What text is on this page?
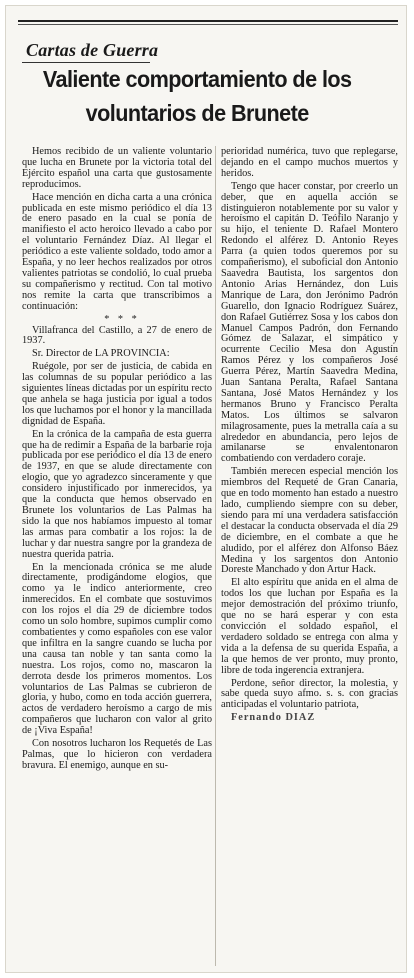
Cartas de Guerra
Valiente comportamiento de los voluntarios de Brunete

Hemos recibido de un valiente voluntario que lucha en Brunete por la victoria total del Ejército español una carta que gustosamente reproducimos.

Hace mención en dicha carta a una crónica publicada en este mismo periódico el día 13 de enero pasado en la cual se ponía de manifiesto el acto heroico llevado a cabo por el voluntario Fernández Díaz. Al llegar el periódico a este valiente soldado, todo amor a España, y no leer hechos realizados por otros valientes patriotas se condolió, lo cual prueba su compañerismo y rectitud. Con tal motivo nos remite la carta que transcribimos a continuación:

* * *

Villafranca del Castillo, a 27 de enero de 1937.

Sr. Director de LA PROVINCIA:

Ruégole, por ser de justicia, de cabida en las columnas de su popular periódico a las siguientes líneas dictadas por un espíritu recto que anhela se haga justicia por igual a todos los que luchamos por el honor y la mancillada dignidad de España.

En la crónica de la campaña de esta guerra que ha de redimir a España de la barbarie roja publicada por ese periódico el día 13 de enero de 1937, en que se alude directamente con elogio, que yo agradezco sinceramente y que considero injustificado por inmerecidos, ya que la conducta que hemos observado en Brunete los voluntarios de Las Palmas ha sido la que nos habíamos impuesto al tomar las armas para combatir a los rojos: la de luchar y dar nuestra sangre por la grandeza de nuestra querida patria.

En la mencionada crónica se me alude directamente, prodigándome elogios, que como ya le indico anteriormente, creo inmerecidos. En el combate que sostuvimos con los rojos el día 29 de diciembre todos como un solo hombre, supimos cumplir como combatientes y como españoles con ese valor que infiltra en la sangre cuando se lucha por una causa tan noble y tan santa como la nuestra. Los rojos, como no, mascaron la derrota desde los primeros momentos. Los voluntarios de Las Palmas se cubrieron de gloria, y hubo, como en toda acción guerrera, actos de verdadero heroísmo a cargo de mis compañeros que lucharon con valor al grito de ¡Viva España!

Con nosotros lucharon los Requetés de Las Palmas, que lo hicieron con verdadera bravura. El enemigo, aunque en su-

perioridad numérica, tuvo que replegarse, dejando en el campo muchos muertos y heridos.

Tengo que hacer constar, por creerlo un deber, que en aquella acción se distinguieron notablemente por su valor y heroísmo el capitán D. Teófilo Naranjo y su hijo, el teniente D. Rafael Montero Redondo el alférez D. Antonio Reyes Parra (a quien todos queremos por su compañerismo), el suboficial don Antonio Saavedra Bautista, los sargentos don Antonio Arias Hernández, don Luis Manrique de Lara, don Jerónimo Padrón Guarello, don Ignacio Rodríguez Suárez, don Rafael Gutiérrez Sosa y los cabos don Manuel Campos Padrón, don Fernando Gómez de Salazar, el simpático y ocurrente Cecilio Mesa don Agustín Ramos Pérez y los compañeros José Guerra Pérez, Martín Saavedra Medina, Juan Santana Peralta, Rafael Santana Santana, José Matos Hernández y los hermanos Bruno y Francisco Peralta Matos. Los últimos se salvaron milagrosamente, pues la metralla caía a su alrededor en abundancia, pero lejos de amilanarse se envalentonaron combatiendo con verdadero coraje.

También merecen especial mención los miembros del Requeté de Gran Canaria, que en todo momento han estado a nuestro lado, cumpliendo siempre con su deber, siendo para mí una verdadera satisfacción el destacar la conducta observada el día 29 de diciembre, en el combate a que he aludido, por el alférez don Alfonso Báez Medina y los sargentos don Antonio Doreste Manchado y don Artur Hack.

El alto espíritu que anida en el alma de todos los que luchan por España es la mejor demostración del próximo triunfo, que no se hará esperar y con esta convicción el soldado español, el verdadero soldado se entrega con alma y vida a la defensa de su querida España, a la que hemos de ver pronto, muy pronto, libre de toda ingerencia extranjera.

Perdone, señor director, la molestia, y sabe queda suyo afmo. s. s. con gracias anticipadas el voluntario patriota,

Fernando DIAZ
